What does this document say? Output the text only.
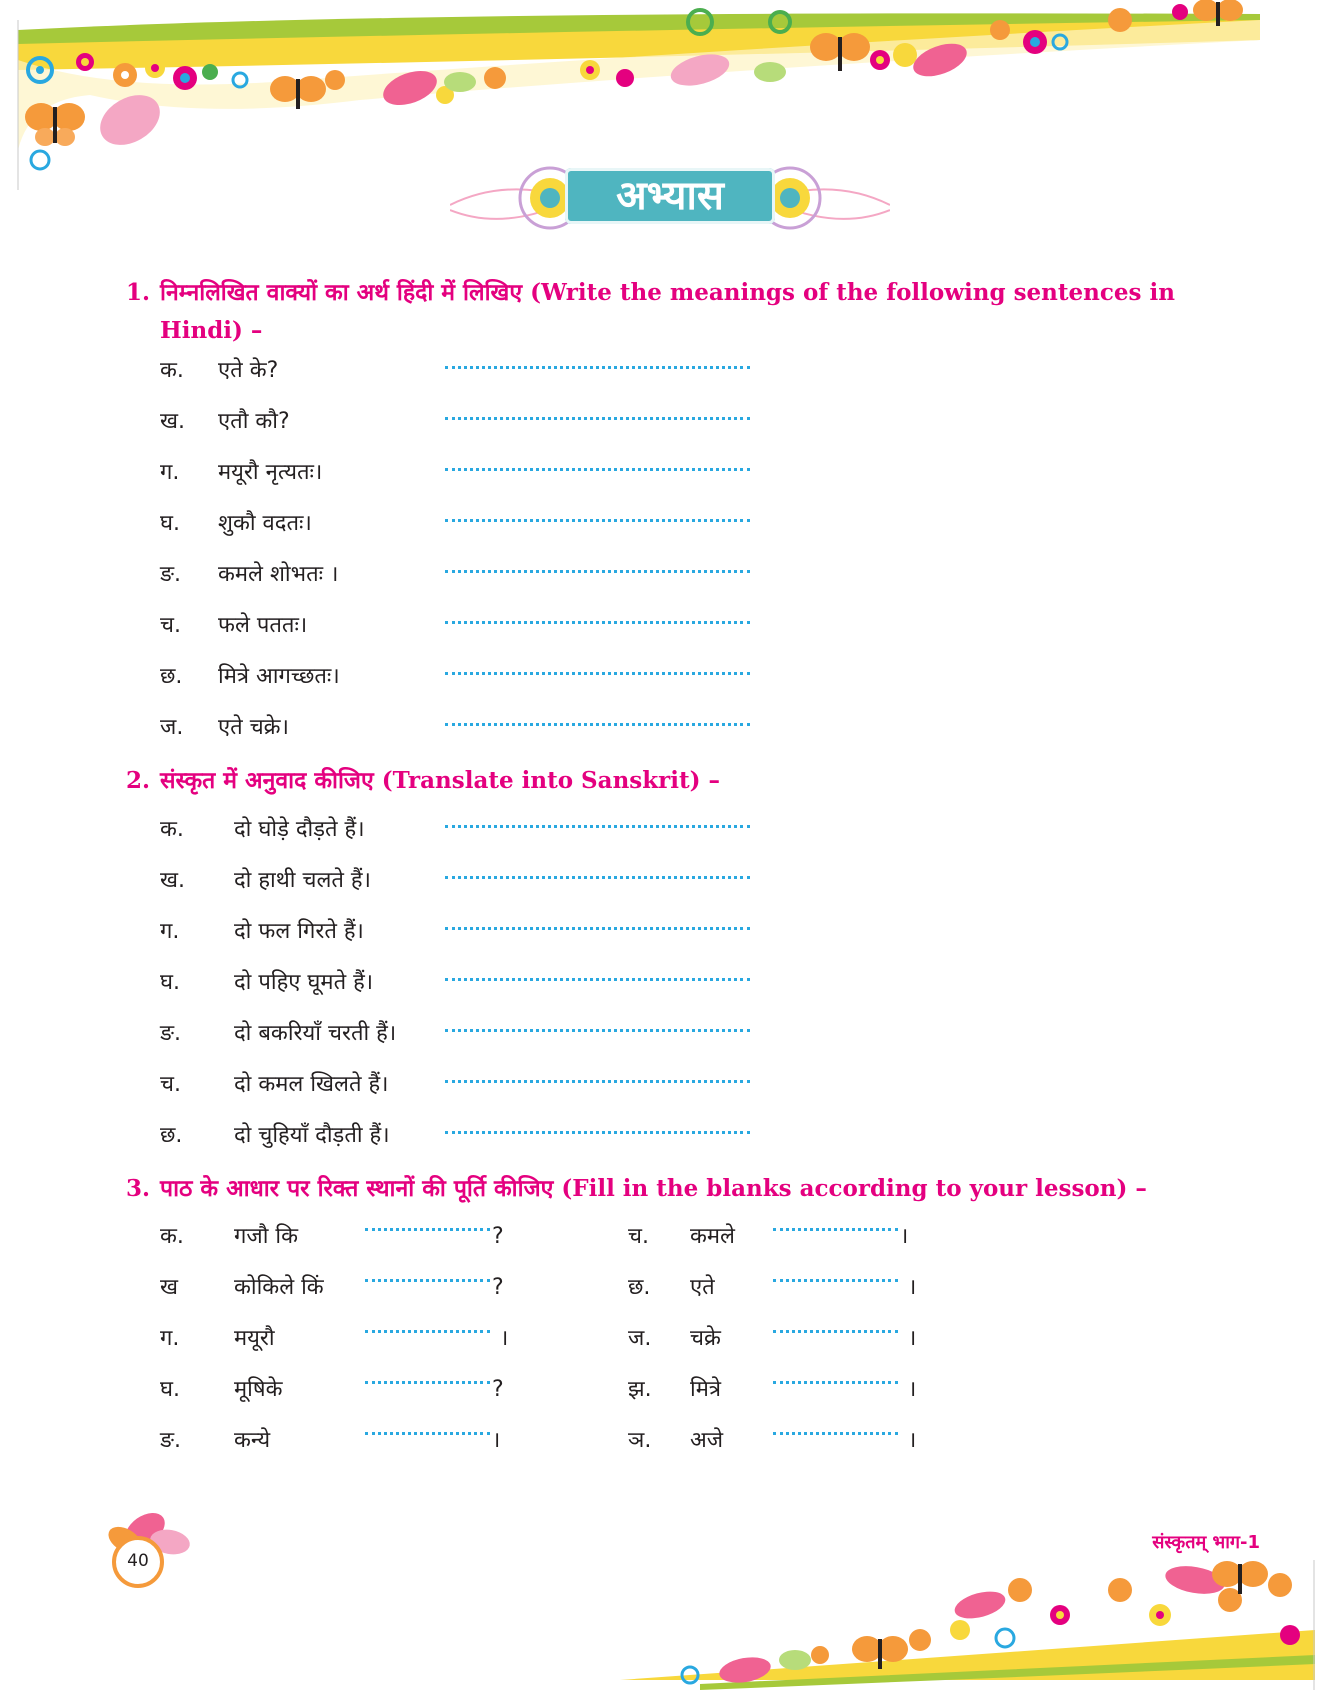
अभ्यास
1. निम्नलिखित वाक्यों का अर्थ हिंदी में लिखिए (Write the meanings of the following sentences in
Hindi) –
क. एते के?
ख. एतौ कौ?
ग. मयूरौ नृत्यतः।
घ. शुकौ वदतः।
ङ. कमले शोभतः ।
च. फले पततः।
छ. मित्रे आगच्छतः।
ज. एते चक्रे।
2. संस्कृत में अनुवाद कीजिए (Translate into Sanskrit) –
क. दो घोड़े दौड़ते हैं।
ख. दो हाथी चलते हैं।
ग. दो फल गिरते हैं।
घ. दो पहिए घूमते हैं।
ङ. दो बकरियाँ चरती हैं।
च. दो कमल खिलते हैं।
छ. दो चुहियाँ दौड़ती हैं।
3. पाठ के आधार पर रिक्त स्थानों की पूर्ति कीजिए (Fill in the blanks according to your lesson) –
क. गजौ कि	?
ख	कोकिले किं	?
ग. मयूरौ	।
घ. मूषिके	?
ङ. कन्ये	।
च. कमले	।
छ. एते	।
ज. चक्रे	।
झ. मित्रे	।
ञ. अजे	।
40
संस्कृतम् भाग-1
